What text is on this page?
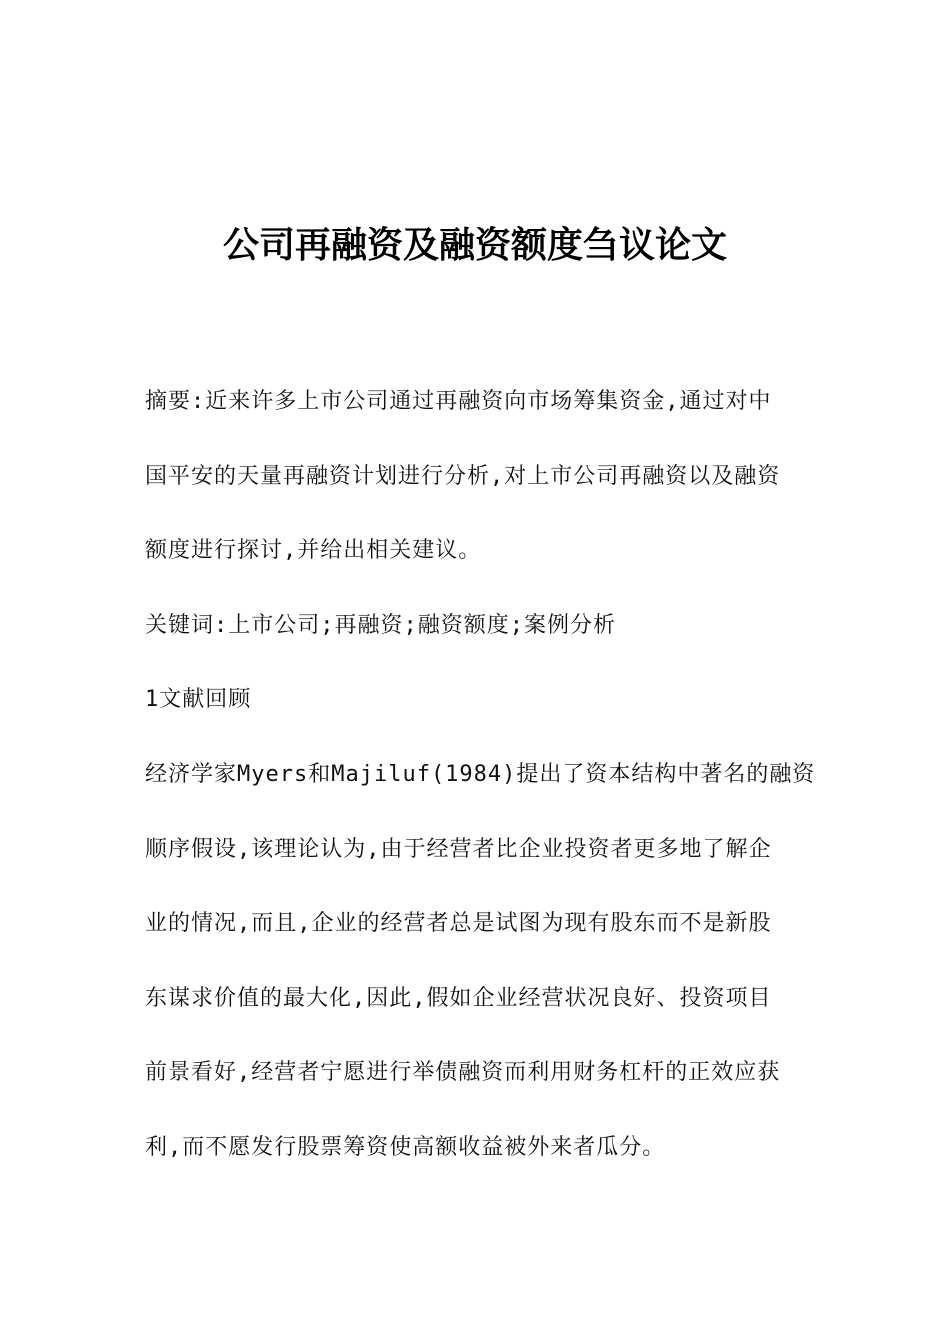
公司再融资及融资额度刍议论文
摘要:近来许多上市公司通过再融资向市场筹集资金,通过对中
国平安的天量再融资计划进行分析,对上市公司再融资以及融资
额度进行探讨,并给出相关建议。
关键词:上市公司;再融资;融资额度;案例分析
1文献回顾
经济学家Myers和Majiluf(1984)提出了资本结构中著名的融资
顺序假设,该理论认为,由于经营者比企业投资者更多地了解企
业的情况,而且,企业的经营者总是试图为现有股东而不是新股
东谋求价值的最大化,因此,假如企业经营状况良好、投资项目
前景看好,经营者宁愿进行举债融资而利用财务杠杆的正效应获
利,而不愿发行股票筹资使高额收益被外来者瓜分。
